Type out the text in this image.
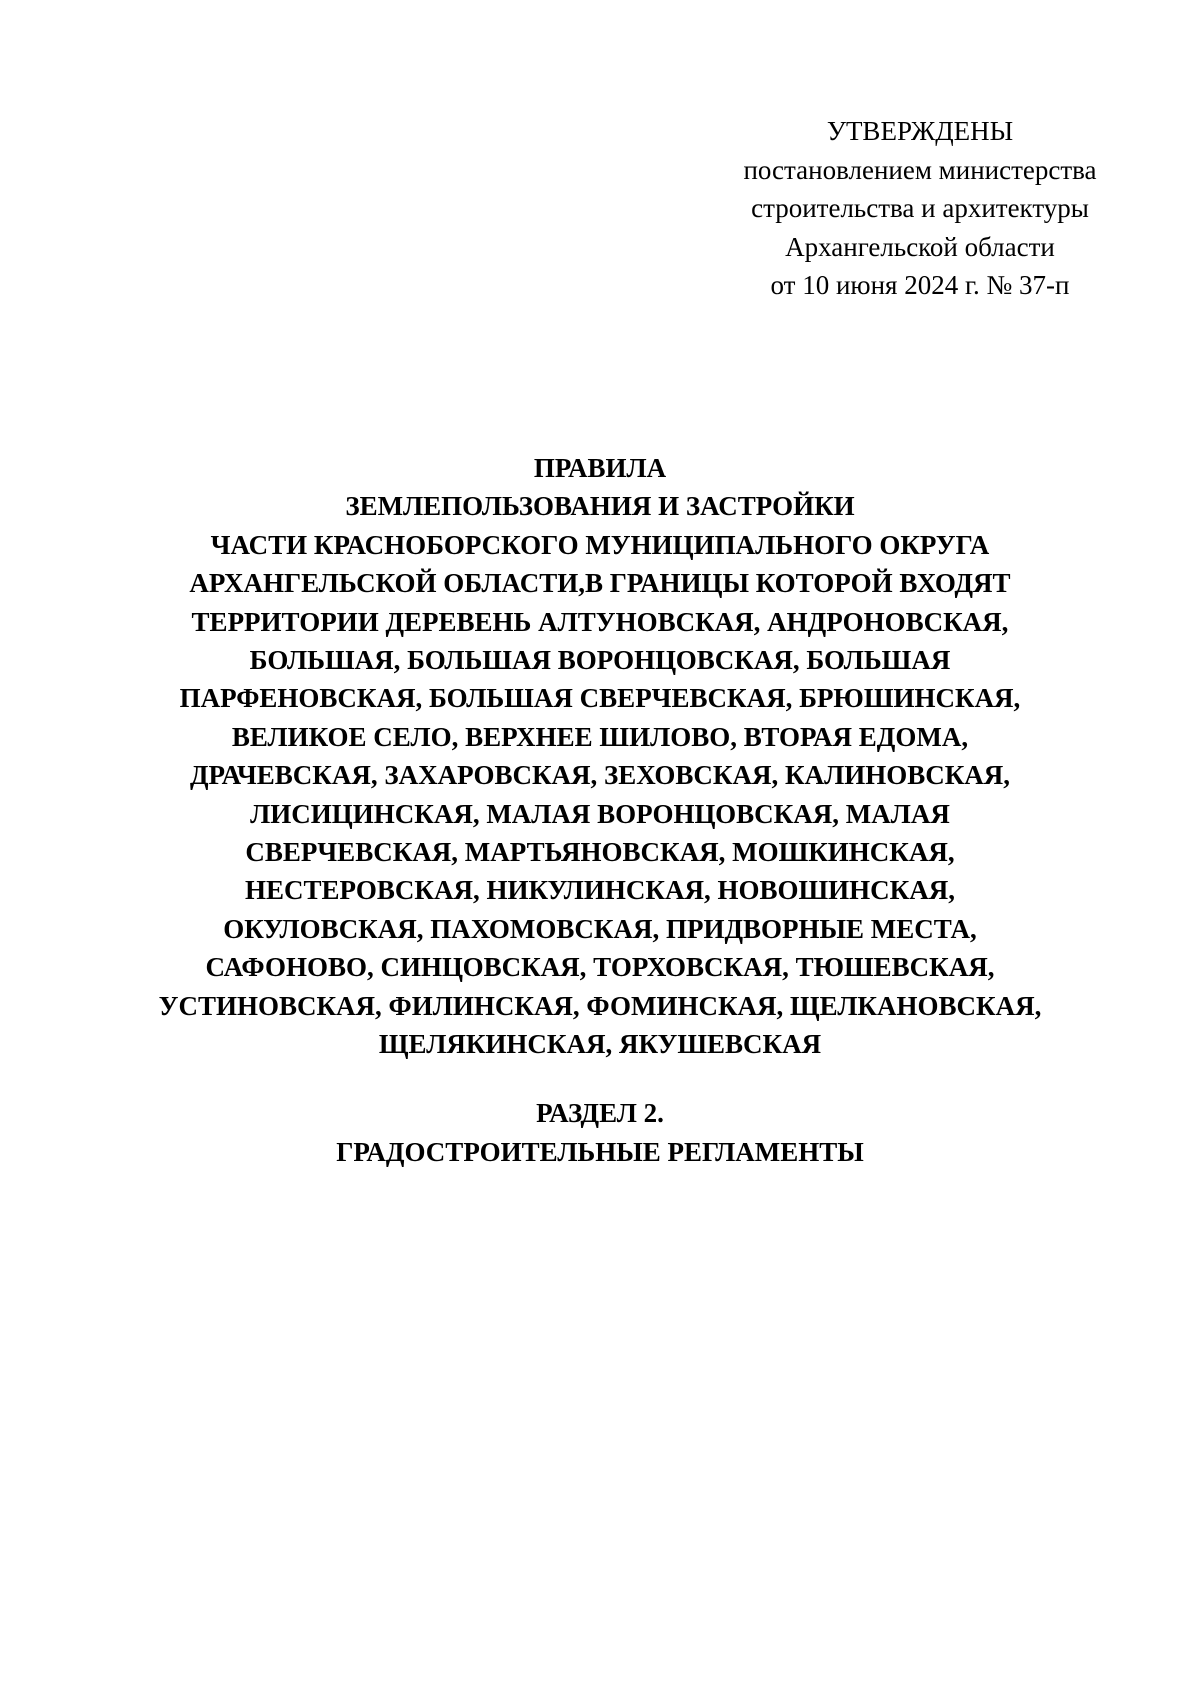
УТВЕРЖДЕНЫ
постановлением министерства
строительства и архитектуры
Архангельской области
от 10 июня 2024 г. № 37-п
ПРАВИЛА
ЗЕМЛЕПОЛЬЗОВАНИЯ И ЗАСТРОЙКИ
ЧАСТИ КРАСНОБОРСКОГО МУНИЦИПАЛЬНОГО ОКРУГА
АРХАНГЕЛЬСКОЙ ОБЛАСТИ,В ГРАНИЦЫ КОТОРОЙ ВХОДЯТ
ТЕРРИТОРИИ ДЕРЕВЕНЬ АЛТУНОВСКАЯ, АНДРОНОВСКАЯ,
БОЛЬШАЯ, БОЛЬШАЯ ВОРОНЦОВСКАЯ, БОЛЬШАЯ
ПАРФЕНОВСКАЯ, БОЛЬШАЯ СВЕРЧЕВСКАЯ, БРЮШИНСКАЯ,
ВЕЛИКОЕ СЕЛО, ВЕРХНЕЕ ШИЛОВО, ВТОРАЯ ЕДОМА,
ДРАЧЕВСКАЯ, ЗАХАРОВСКАЯ, ЗЕХОВСКАЯ, КАЛИНОВСКАЯ,
ЛИСИЦИНСКАЯ, МАЛАЯ ВОРОНЦОВСКАЯ, МАЛАЯ
СВЕРЧЕВСКАЯ, МАРТЬЯНОВСКАЯ, МОШКИНСКАЯ,
НЕСТЕРОВСКАЯ, НИКУЛИНСКАЯ, НОВОШИНСКАЯ,
ОКУЛОВСКАЯ, ПАХОМОВСКАЯ, ПРИДВОРНЫЕ МЕСТА,
САФОНОВО, СИНЦОВСКАЯ, ТОРХОВСКАЯ, ТЮШЕВСКАЯ,
УСТИНОВСКАЯ, ФИЛИНСКАЯ, ФОМИНСКАЯ, ЩЕЛКАНОВСКАЯ,
ЩЕЛЯКИНСКАЯ, ЯКУШЕВСКАЯ
РАЗДЕЛ 2.
ГРАДОСТРОИТЕЛЬНЫЕ РЕГЛАМЕНТЫ
